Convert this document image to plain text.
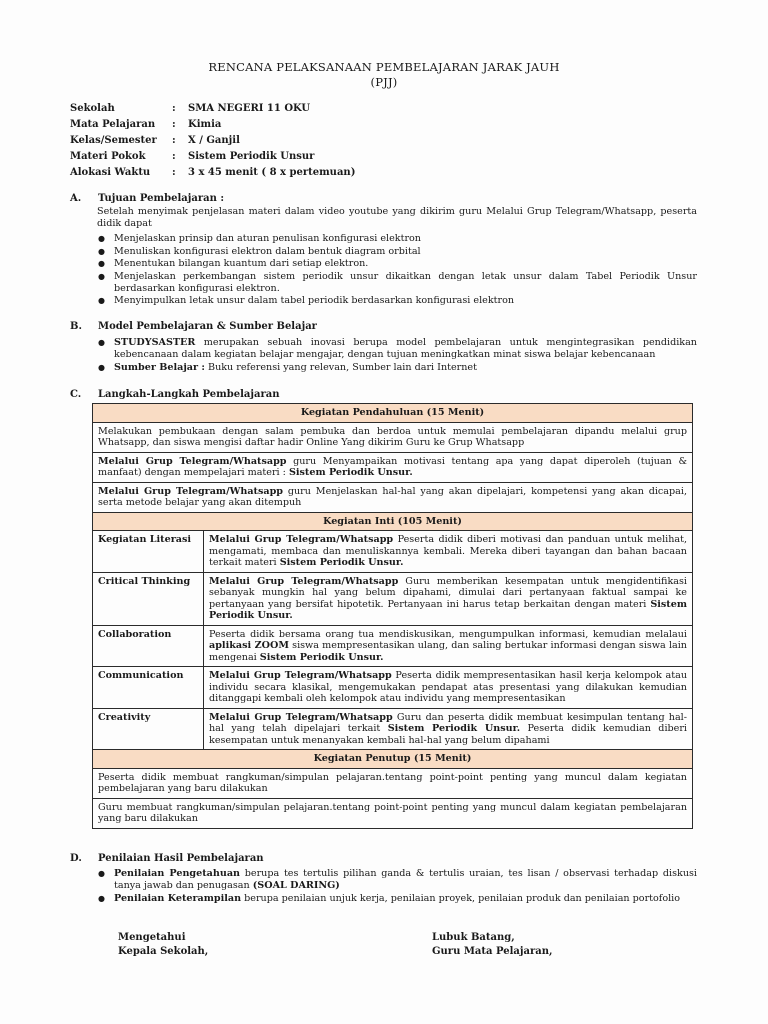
RENCANA PELAKSANAAN PEMBELAJARAN JARAK JAUH
(PJJ)
Sekolah	:	SMA NEGERI 11 OKU
Mata Pelajaran	:	Kimia
Kelas/Semester	:	X / Ganjil
Materi Pokok	:	Sistem Periodik Unsur
Alokasi Waktu	:	3 x 45 menit ( 8 x pertemuan)
A. Tujuan Pembelajaran :
Setelah menyimak penjelasan materi dalam video youtube yang dikirim guru Melalui Grup Telegram/Whatsapp, peserta didik dapat
● Menjelaskan prinsip dan aturan penulisan konfigurasi elektron
● Menuliskan konfigurasi elektron dalam bentuk diagram orbital
● Menentukan bilangan kuantum dari setiap elektron.
● Menjelaskan perkembangan sistem periodik unsur dikaitkan dengan letak unsur dalam Tabel Periodik Unsur berdasarkan konfigurasi elektron.
● Menyimpulkan letak unsur dalam tabel periodik berdasarkan konfigurasi elektron
B. Model Pembelajaran & Sumber Belajar
● STUDYSASTER merupakan sebuah inovasi berupa model pembelajaran untuk mengintegrasikan pendidikan kebencanaan dalam kegiatan belajar mengajar, dengan tujuan meningkatkan minat siswa belajar kebencanaan
● Sumber Belajar : Buku referensi yang relevan, Sumber lain dari Internet
C. Langkah-Langkah Pembelajaran
Kegiatan Pendahuluan (15 Menit)	
Melakukan pembukaan dengan salam pembuka dan berdoa untuk memulai pembelajaran dipandu melalui grup Whatsapp, dan siswa mengisi daftar hadir Online Yang dikirim Guru ke Grup Whatsapp	
Melalui Grup Telegram/Whatsapp guru Menyampaikan motivasi tentang apa yang dapat diperoleh (tujuan & manfaat) dengan mempelajari materi : Sistem Periodik Unsur.	
Melalui Grup Telegram/Whatsapp guru Menjelaskan hal-hal yang akan dipelajari, kompetensi yang akan dicapai, serta metode belajar yang akan ditempuh	
Kegiatan Inti (105 Menit)	
Kegiatan Literasi	Melalui Grup Telegram/Whatsapp Peserta didik diberi motivasi dan panduan untuk melihat, mengamati, membaca dan menuliskannya kembali. Mereka diberi tayangan dan bahan bacaan terkait materi Sistem Periodik Unsur.
Critical Thinking	Melalui Grup Telegram/Whatsapp Guru memberikan kesempatan untuk mengidentifikasi sebanyak mungkin hal yang belum dipahami, dimulai dari pertanyaan faktual sampai ke pertanyaan yang bersifat hipotetik. Pertanyaan ini harus tetap berkaitan dengan materi Sistem Periodik Unsur.
Collaboration	Peserta didik bersama orang tua mendiskusikan, mengumpulkan informasi, kemudian melalaui aplikasi ZOOM siswa mempresentasikan ulang, dan saling bertukar informasi dengan siswa lain mengenai Sistem Periodik Unsur.
Communication	Melalui Grup Telegram/Whatsapp Peserta didik mempresentasikan hasil kerja kelompok atau individu secara klasikal, mengemukakan pendapat atas presentasi yang dilakukan kemudian ditanggapi kembali oleh kelompok atau individu yang mempresentasikan
Creativity	Melalui Grup Telegram/Whatsapp Guru dan peserta didik membuat kesimpulan tentang hal-hal yang telah dipelajari terkait Sistem Periodik Unsur. Peserta didik kemudian diberi kesempatan untuk menanyakan kembali hal-hal yang belum dipahami
Kegiatan Penutup (15 Menit)	
Peserta didik membuat rangkuman/simpulan pelajaran.tentang point-point penting yang muncul dalam kegiatan pembelajaran yang baru dilakukan	
Guru membuat rangkuman/simpulan pelajaran.tentang point-point penting yang muncul dalam kegiatan pembelajaran yang baru dilakukan	
D. Penilaian Hasil Pembelajaran
● Penilaian Pengetahuan berupa tes tertulis pilihan ganda & tertulis uraian, tes lisan / observasi terhadap diskusi tanya jawab dan penugasan (SOAL DARING)
● Penilaian Keterampilan berupa penilaian unjuk kerja, penilaian proyek, penilaian produk dan penilaian portofolio
Mengetahui
Kepala Sekolah,
Lubuk Batang,
Guru Mata Pelajaran,
